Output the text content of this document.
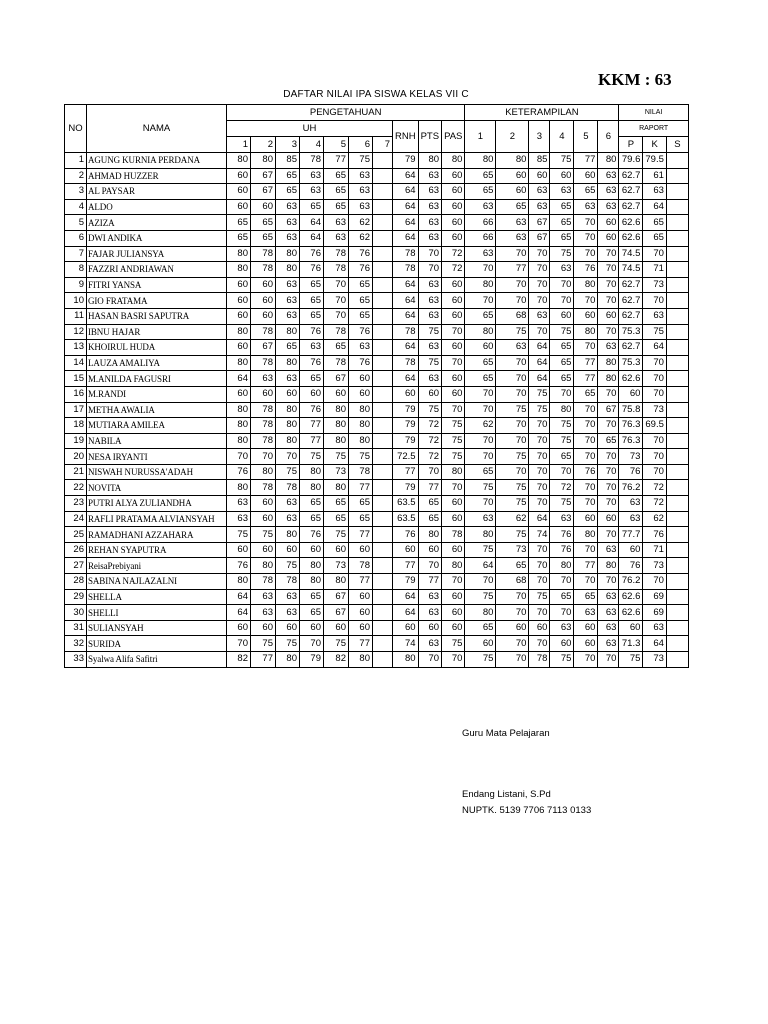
KKM : 63
DAFTAR NILAI IPA SISWA KELAS VII C
NO	NAMA	PENGETAHUAN										KETERAMPILAN						NILAI		
		UH							RNH	PTS	PAS	1	2	3	4	5	6	RAPORT		
		1	2	3	4	5	6	7										P	K	S
1	AGUNG KURNIA PERDANA	80	80	85	78	77	75		79	80	80	80	80	85	75	77	80	79.6	79.5	
2	AHMAD HUZZER	60	67	65	63	65	63		64	63	60	65	60	60	60	60	63	62.7	61	
3	AL PAYSAR	60	67	65	63	65	63		64	63	60	65	60	63	63	65	63	62.7	63	
4	ALDO	60	60	63	65	65	63		64	63	60	63	65	63	65	63	63	62.7	64	
5	AZIZA	65	65	63	64	63	62		64	63	60	66	63	67	65	70	60	62.6	65	
6	DWI ANDIKA	65	65	63	64	63	62		64	63	60	66	63	67	65	70	60	62.6	65	
7	FAJAR JULIANSYA	80	78	80	76	78	76		78	70	72	63	70	70	75	70	70	74.5	70	
8	FAZZRI ANDRIAWAN	80	78	80	76	78	76		78	70	72	70	77	70	63	76	70	74.5	71	
9	FITRI YANSA	60	60	63	65	70	65		64	63	60	80	70	70	70	80	70	62.7	73	
10	GIO FRATAMA	60	60	63	65	70	65		64	63	60	70	70	70	70	70	70	62.7	70	
11	HASAN BASRI SAPUTRA	60	60	63	65	70	65		64	63	60	65	68	63	60	60	60	62.7	63	
12	IBNU HAJAR	80	78	80	76	78	76		78	75	70	80	75	70	75	80	70	75.3	75	
13	KHOIRUL HUDA	60	67	65	63	65	63		64	63	60	60	63	64	65	70	63	62.7	64	
14	LAUZA AMALIYA	80	78	80	76	78	76		78	75	70	65	70	64	65	77	80	75.3	70	
15	M.ANILDA FAGUSRI	64	63	63	65	67	60		64	63	60	65	70	64	65	77	80	62.6	70	
16	M.RANDI	60	60	60	60	60	60		60	60	60	70	70	75	70	65	70	60	70	
17	METHA AWALIA	80	78	80	76	80	80		79	75	70	70	75	75	80	70	67	75.8	73	
18	MUTIARA AMILEA	80	78	80	77	80	80		79	72	75	62	70	70	75	70	70	76.3	69.5	
19	NABILA	80	78	80	77	80	80		79	72	75	70	70	70	75	70	65	76.3	70	
20	NESA IRYANTI	70	70	70	75	75	75		72.5	72	75	70	75	70	65	70	70	73	70	
21	NISWAH NURUSSA'ADAH	76	80	75	80	73	78		77	70	80	65	70	70	70	76	70	76	70	
22	NOVITA	80	78	78	80	80	77		79	77	70	75	75	70	72	70	70	76.2	72	
23	PUTRI ALYA ZULIANDHA	63	60	63	65	65	65		63.5	65	60	70	75	70	75	70	70	63	72	
24	RAFLI PRATAMA ALVIANSYAH	63	60	63	65	65	65		63.5	65	60	63	62	64	63	60	60	63	62	
25	RAMADHANI AZZAHARA	75	75	80	76	75	77		76	80	78	80	75	74	76	80	70	77.7	76	
26	REHAN SYAPUTRA	60	60	60	60	60	60		60	60	60	75	73	70	76	70	63	60	71	
27	ReisaPrebiyani	76	80	75	80	73	78		77	70	80	64	65	70	80	77	80	76	73	
28	SABINA NAJLAZALNI	80	78	78	80	80	77		79	77	70	70	68	70	70	70	70	76.2	70	
29	SHELLA	64	63	63	65	67	60		64	63	60	75	70	75	65	65	63	62.6	69	
30	SHELLI	64	63	63	65	67	60		64	63	60	80	70	70	70	63	63	62.6	69	
31	SULIANSYAH	60	60	60	60	60	60		60	60	60	65	60	60	63	60	63	60	63	
32	SURIDA	70	75	75	70	75	77		74	63	75	60	70	70	60	60	63	71.3	64	
33	Syalwa Alifa Safitri	82	77	80	79	82	80		80	70	70	75	70	78	75	70	70	75	73	
Guru Mata Pelajaran
Endang Listani, S.Pd
NUPTK. 5139 7706 7113 0133
